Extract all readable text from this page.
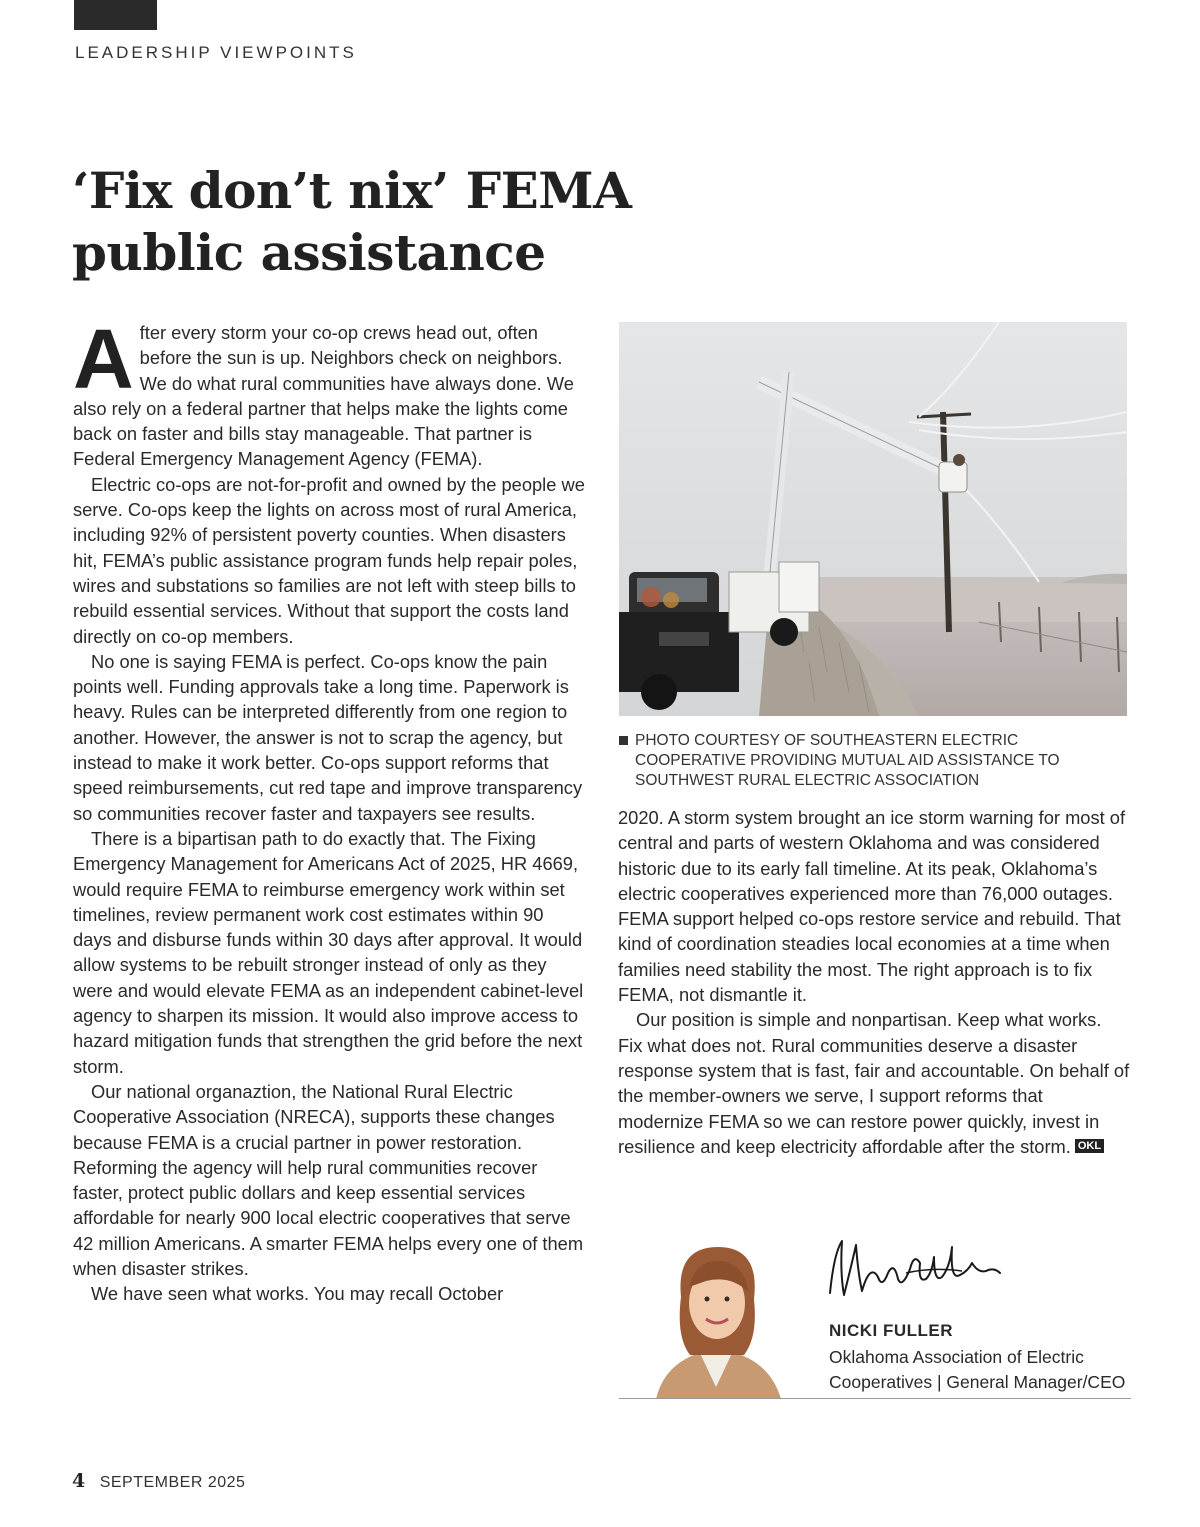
LEADERSHIP VIEWPOINTS
‘Fix don’t nix’ FEMA public assistance

After every storm your co-op crews head out, often before the sun is up. Neighbors check on neighbors. We do what rural communities have always done. We also rely on a federal partner that helps make the lights come back on faster and bills stay manageable. That partner is Federal Emergency Management Agency (FEMA).

Electric co-ops are not-for-profit and owned by the people we serve. Co-ops keep the lights on across most of rural America, including 92% of persistent poverty counties. When disasters hit, FEMA’s public assistance program funds help repair poles, wires and substations so families are not left with steep bills to rebuild essential services. Without that support the costs land directly on co-op members.

No one is saying FEMA is perfect. Co-ops know the pain points well. Funding approvals take a long time. Paperwork is heavy. Rules can be interpreted differently from one region to another. However, the answer is not to scrap the agency, but instead to make it work better. Co-ops support reforms that speed reimbursements, cut red tape and improve transparency so communities recover faster and taxpayers see results.

There is a bipartisan path to do exactly that. The Fixing Emergency Management for Americans Act of 2025, HR 4669, would require FEMA to reimburse emergency work within set timelines, review permanent work cost estimates within 90 days and disburse funds within 30 days after approval. It would allow systems to be rebuilt stronger instead of only as they were and would elevate FEMA as an independent cabinet-level agency to sharpen its mission. It would also improve access to hazard mitigation funds that strengthen the grid before the next storm.

Our national organaztion, the National Rural Electric Cooperative Association (NRECA), supports these changes because FEMA is a crucial partner in power restoration. Reforming the agency will help rural communities recover faster, protect public dollars and keep essential services affordable for nearly 900 local electric cooperatives that serve 42 million Americans. A smarter FEMA helps every one of them when disaster strikes.

We have seen what works. You may recall October

PHOTO COURTESY OF SOUTHEASTERN ELECTRIC COOPERATIVE PROVIDING MUTUAL AID ASSISTANCE TO SOUTHWEST RURAL ELECTRIC ASSOCIATION

2020. A storm system brought an ice storm warning for most of central and parts of western Oklahoma and was considered historic due to its early fall timeline. At its peak, Oklahoma’s electric cooperatives experienced more than 76,000 outages. FEMA support helped co-ops restore service and rebuild. That kind of coordination steadies local economies at a time when families need stability the most. The right approach is to fix FEMA, not dismantle it.

Our position is simple and nonpartisan. Keep what works. Fix what does not. Rural communities deserve a disaster response system that is fast, fair and accountable. On behalf of the member-owners we serve, I support reforms that modernize FEMA so we can restore power quickly, invest in resilience and keep electricity affordable after the storm. OKL

NICKI FULLER
Oklahoma Association of Electric Cooperatives | General Manager/CEO
4 SEPTEMBER 2025
